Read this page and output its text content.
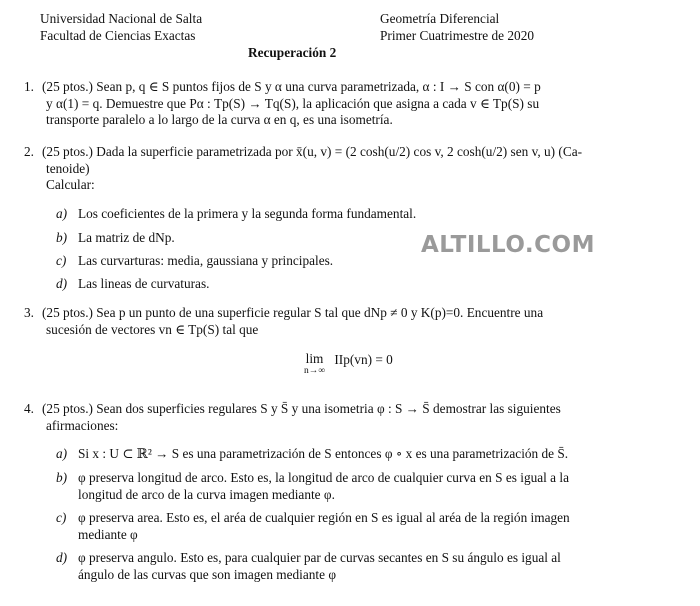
Universidad Nacional de Salta
Facultad de Ciencias Exactas
Geometría Diferencial
Primer Cuatrimestre de 2020
Recuperación 2
ALTILLO.COM
1. (25 ptos.) Sean p, q ∈ S puntos fijos de S y α una curva parametrizada, α : I → S con α(0) = p
y α(1) = q. Demuestre que Pα : Tp(S) → Tq(S), la aplicación que asigna a cada v ∈ Tp(S) su
transporte paralelo a lo largo de la curva α en q, es una isometría.
2. (25 ptos.) Dada la superficie parametrizada por x̄(u, v) = (2 cosh(u/2) cos v, 2 cosh(u/2) sen v, u) (Ca-
tenoide)
Calcular:
a) Los coeficientes de la primera y la segunda forma fundamental.
b) La matriz de dNp.
c) Las curvarturas: media, gaussiana y principales.
d) Las lineas de curvaturas.
3. (25 ptos.) Sea p un punto de una superficie regular S tal que dNp ≠ 0 y K(p)=0. Encuentre una
sucesión de vectores vn ∈ Tp(S) tal que
lim
n→∞
IIp(vn) = 0
4. (25 ptos.) Sean dos superficies regulares S y S̄ y una isometria φ : S → S̄ demostrar las siguientes
afirmaciones:
a) Si x : U ⊂ ℝ² → S es una parametrización de S entonces φ ∘ x es una parametrización de S̄.
b) φ preserva longitud de arco. Esto es, la longitud de arco de cualquier curva en S es igual a la
longitud de arco de la curva imagen mediante φ.
c) φ preserva area. Esto es, el aréa de cualquier región en S es igual al aréa de la región imagen
mediante φ
d) φ preserva angulo. Esto es, para cualquier par de curvas secantes en S su ángulo es igual al
ángulo de las curvas que son imagen mediante φ
